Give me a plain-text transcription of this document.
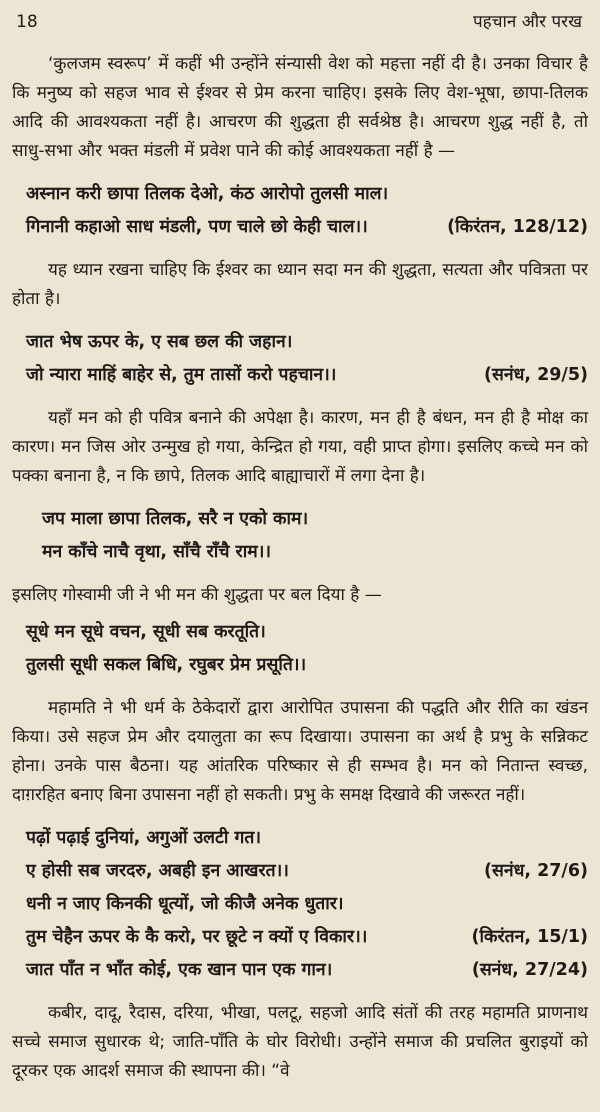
18	पहचान और परख

‘कुलजम स्वरूप’ में कहीं भी उन्होंने संन्यासी वेश को महत्ता नहीं दी है। उनका विचार है कि मनुष्य को सहज भाव से ईश्वर से प्रेम करना चाहिए। इसके लिए वेश-भूषा, छापा-तिलक आदि की आवश्यकता नहीं है। आचरण की शुद्धता ही सर्वश्रेष्ठ है। आचरण शुद्ध नहीं है, तो साधु-सभा और भक्त मंडली में प्रवेश पाने की कोई आवश्यकता नहीं है —

अस्नान करी छापा तिलक देओ, कंठ आरोपो तुलसी माल।
गिनानी कहाओ साध मंडली, पण चाले छो केही चाल।।	(किरंतन, 128/12)

यह ध्यान रखना चाहिए कि ईश्वर का ध्यान सदा मन की शुद्धता, सत्यता और पवित्रता पर होता है।

जात भेष ऊपर के, ए सब छल की जहान।
जो न्यारा माहिं बाहेर से, तुम तासों करो पहचान।।	(सनंध, 29/5)

यहाँ मन को ही पवित्र बनाने की अपेक्षा है। कारण, मन ही है बंधन, मन ही है मोक्ष का कारण। मन जिस ओर उन्मुख हो गया, केन्द्रित हो गया, वही प्राप्त होगा। इसलिए कच्चे मन को पक्का बनाना है, न कि छापे, तिलक आदि बाह्याचारों में लगा देना है।

जप माला छापा तिलक, सरै न एको काम।
मन काँचे नाचै वृथा, साँचै राँचै राम।।

इसलिए गोस्वामी जी ने भी मन की शुद्धता पर बल दिया है —

सूधे मन सूधे वचन, सूधी सब करतूति।
तुलसी सूधी सकल बिधि, रघुबर प्रेम प्रसूति।।

महामति ने भी धर्म के ठेकेदारों द्वारा आरोपित उपासना की पद्धति और रीति का खंडन किया। उसे सहज प्रेम और दयालुता का रूप दिखाया। उपासना का अर्थ है प्रभु के सन्निकट होना। उनके पास बैठना। यह आंतरिक परिष्कार से ही सम्भव है। मन को नितान्त स्वच्छ, दाग़रहित बनाए बिना उपासना नहीं हो सकती। प्रभु के समक्ष दिखावे की जरूरत नहीं।

पढ़ों पढ़ाई दुनियां, अगुओं उलटी गत।
ए होसी सब जरदरु, अबही इन आखरत।।	(सनंध, 27/6)
धनी न जाए किनकी धूत्यों, जो कीजै अनेक धुतार।
तुम चेहैन ऊपर के कै करो, पर छूटे न क्यों ए विकार।।	(किरंतन, 15/1)
जात पाँत न भाँत कोई, एक खान पान एक गान।	(सनंध, 27/24)

कबीर, दादू, रैदास, दरिया, भीखा, पलटू, सहजो आदि संतों की तरह महामति प्राणनाथ सच्चे समाज सुधारक थे; जाति-पाँति के घोर विरोधी। उन्होंने समाज की प्रचलित बुराइयों को दूरकर एक आदर्श समाज की स्थापना की। “वे
